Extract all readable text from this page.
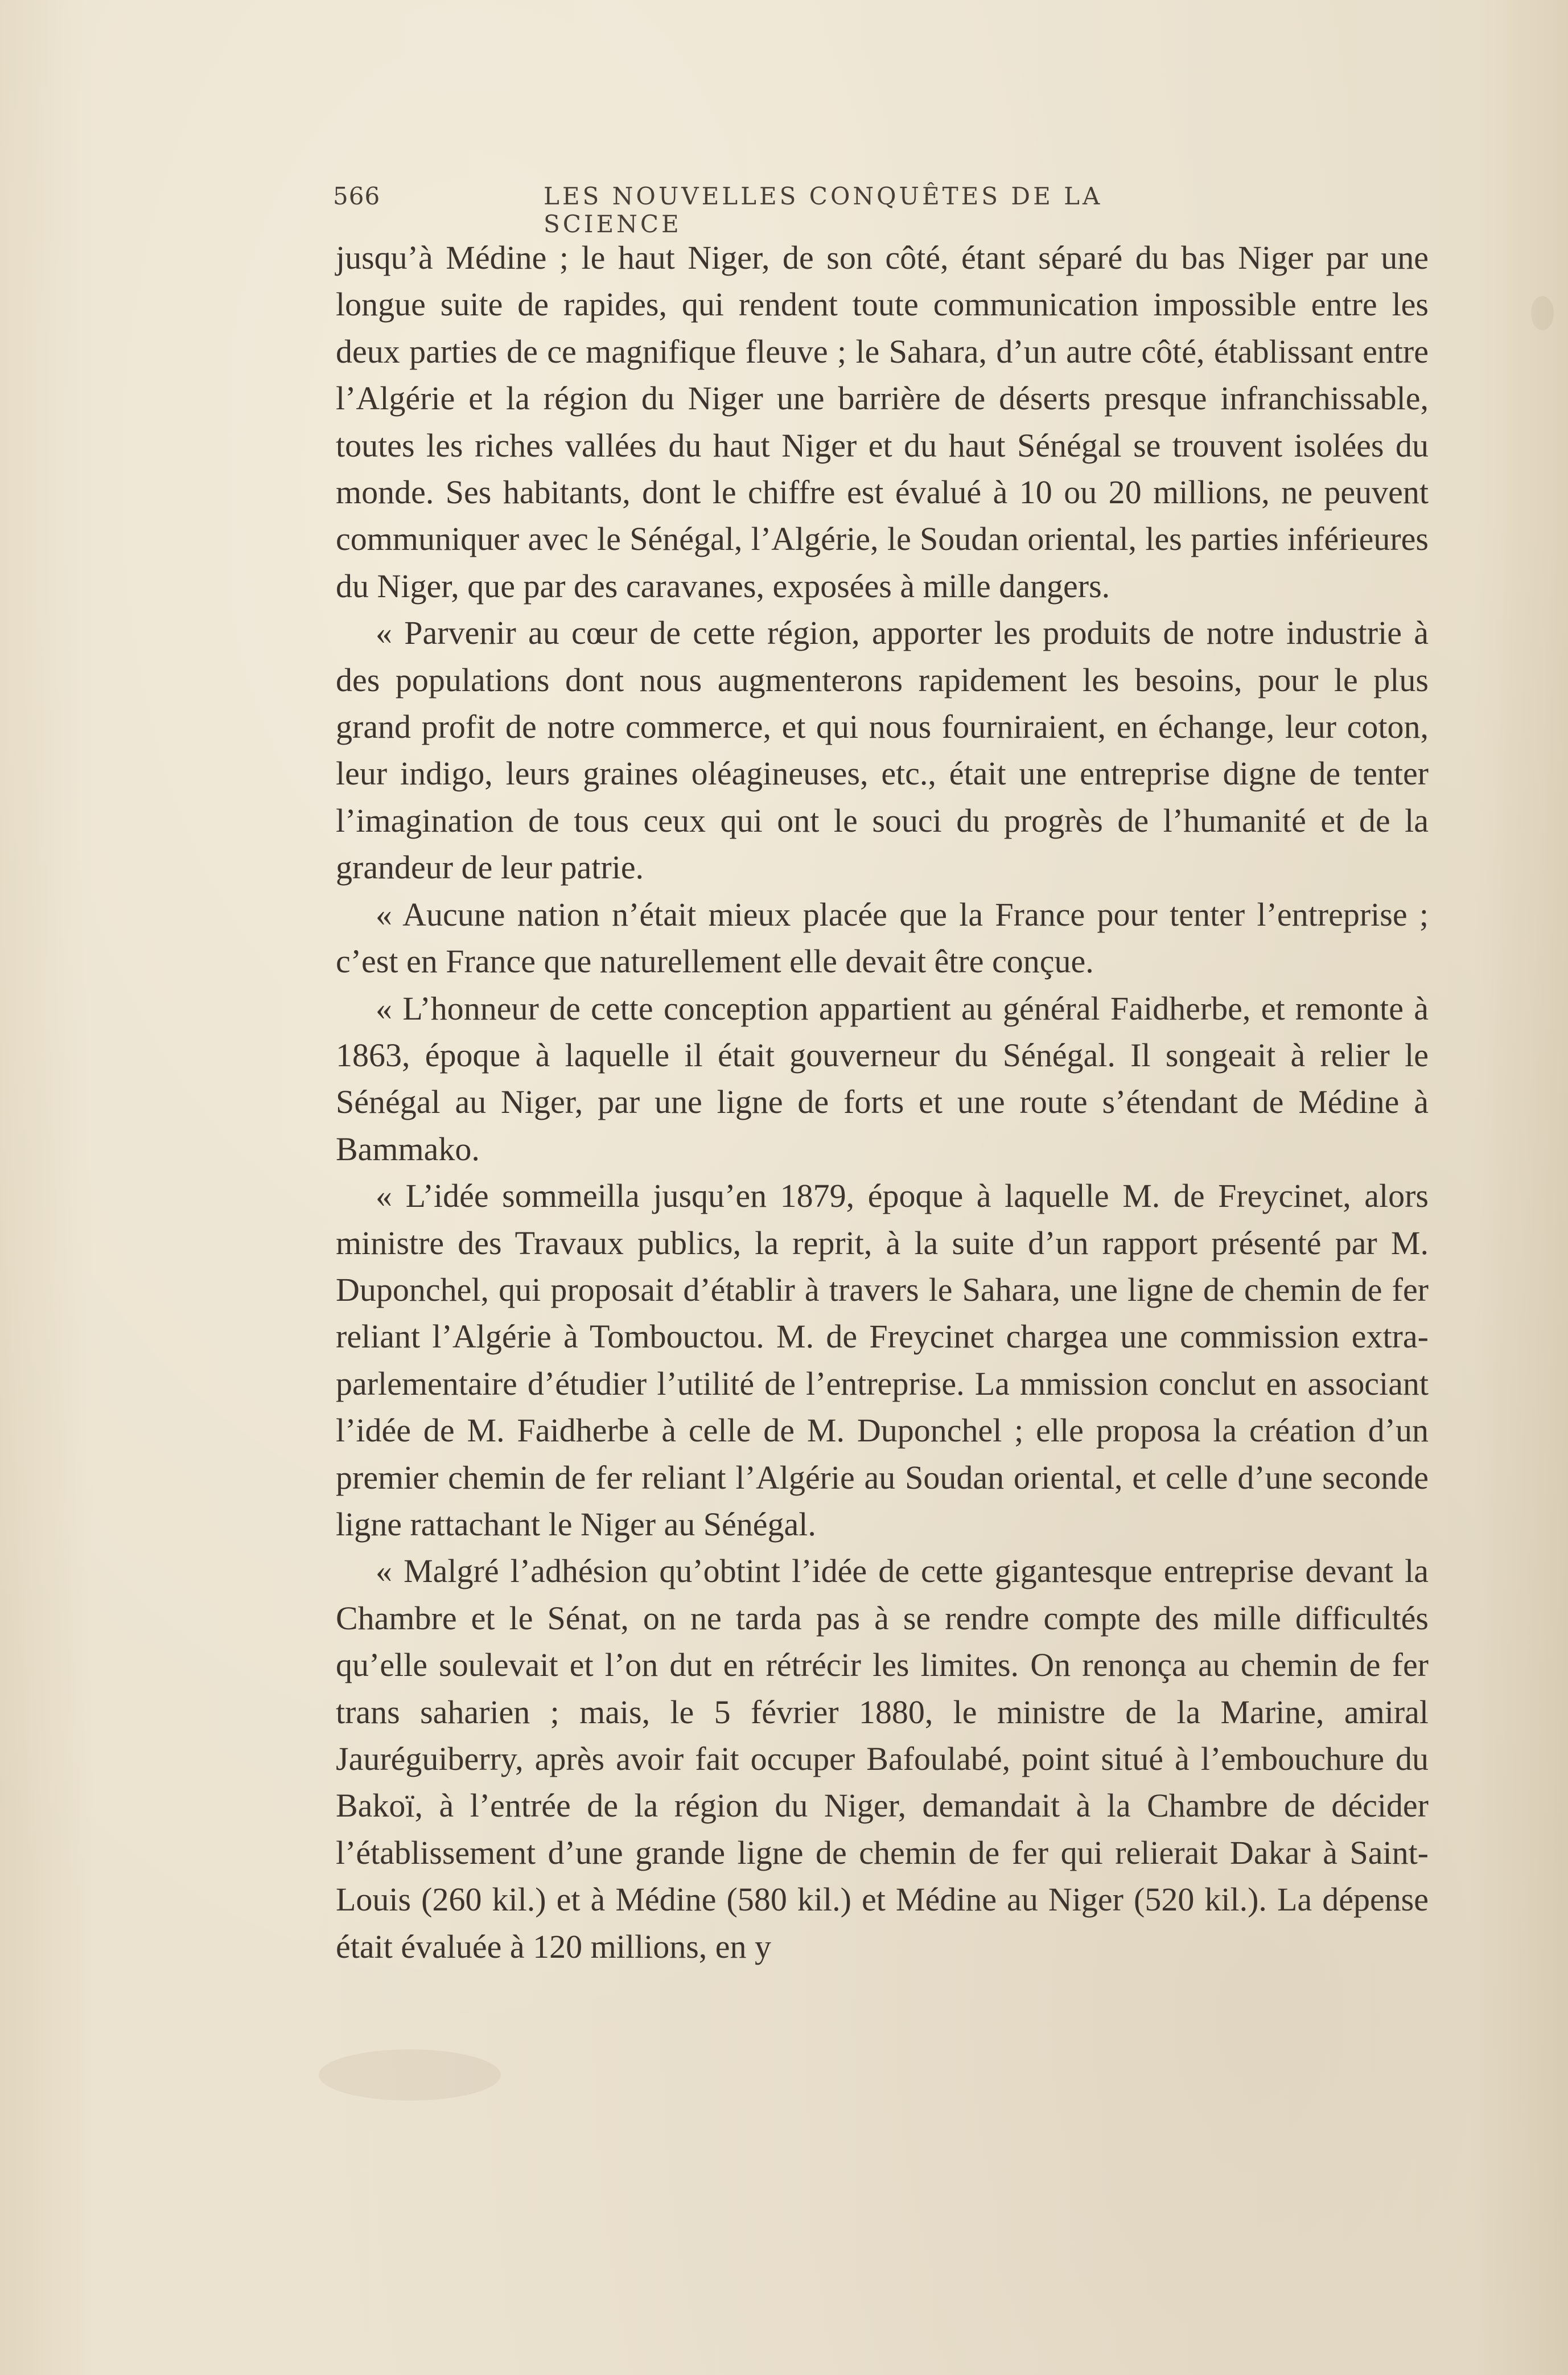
566	LES NOUVELLES CONQUÊTES DE LA SCIENCE

jusqu’à Médine ; le haut Niger, de son côté, étant séparé du bas Niger par une longue suite de rapides, qui rendent toute communication impossible entre les deux parties de ce magnifique fleuve ; le Sahara, d’un autre côté, établissant entre l’Algérie et la région du Niger une barrière de déserts presque infranchissable, toutes les riches vallées du haut Niger et du haut Sénégal se trouvent isolées du monde. Ses habitants, dont le chiffre est évalué à 10 ou 20 millions, ne peuvent communiquer avec le Sénégal, l’Algérie, le Soudan oriental, les parties inférieures du Niger, que par des caravanes, exposées à mille dangers.

« Parvenir au cœur de cette région, apporter les produits de notre industrie à des populations dont nous augmenterons rapidement les besoins, pour le plus grand profit de notre commerce, et qui nous fourniraient, en échange, leur coton, leur indigo, leurs graines oléagineuses, etc., était une entreprise digne de tenter l’imagination de tous ceux qui ont le souci du progrès de l’humanité et de la grandeur de leur patrie.

« Aucune nation n’était mieux placée que la France pour tenter l’entreprise ; c’est en France que naturellement elle devait être conçue.

« L’honneur de cette conception appartient au général Faidherbe, et remonte à 1863, époque à laquelle il était gouverneur du Sénégal. Il songeait à relier le Sénégal au Niger, par une ligne de forts et une route s’étendant de Médine à Bammako.

« L’idée sommeilla jusqu’en 1879, époque à laquelle M. de Freycinet, alors ministre des Travaux publics, la reprit, à la suite d’un rapport présenté par M. Duponchel, qui proposait d’établir à travers le Sahara, une ligne de chemin de fer reliant l’Algérie à Tombouctou. M. de Freycinet chargea une commission extra-parlementaire d’étudier l’utilité de l’entreprise. La mmission conclut en associant l’idée de M. Faidherbe à celle de M. Duponchel ; elle proposa la création d’un premier chemin de fer reliant l’Algérie au Soudan oriental, et celle d’une seconde ligne rattachant le Niger au Sénégal.

« Malgré l’adhésion qu’obtint l’idée de cette gigantesque entreprise devant la Chambre et le Sénat, on ne tarda pas à se rendre compte des mille difficultés qu’elle soulevait et l’on dut en rétrécir les limites. On renonça au chemin de fer trans saharien ; mais, le 5 février 1880, le ministre de la Marine, amiral Jauréguiberry, après avoir fait occuper Bafoulabé, point situé à l’embouchure du Bakoï, à l’entrée de la région du Niger, demandait à la Chambre de décider l’établissement d’une grande ligne de chemin de fer qui relierait Dakar à Saint-Louis (260 kil.) et à Médine (580 kil.) et Médine au Niger (520 kil.). La dépense était évaluée à 120 millions, en y
